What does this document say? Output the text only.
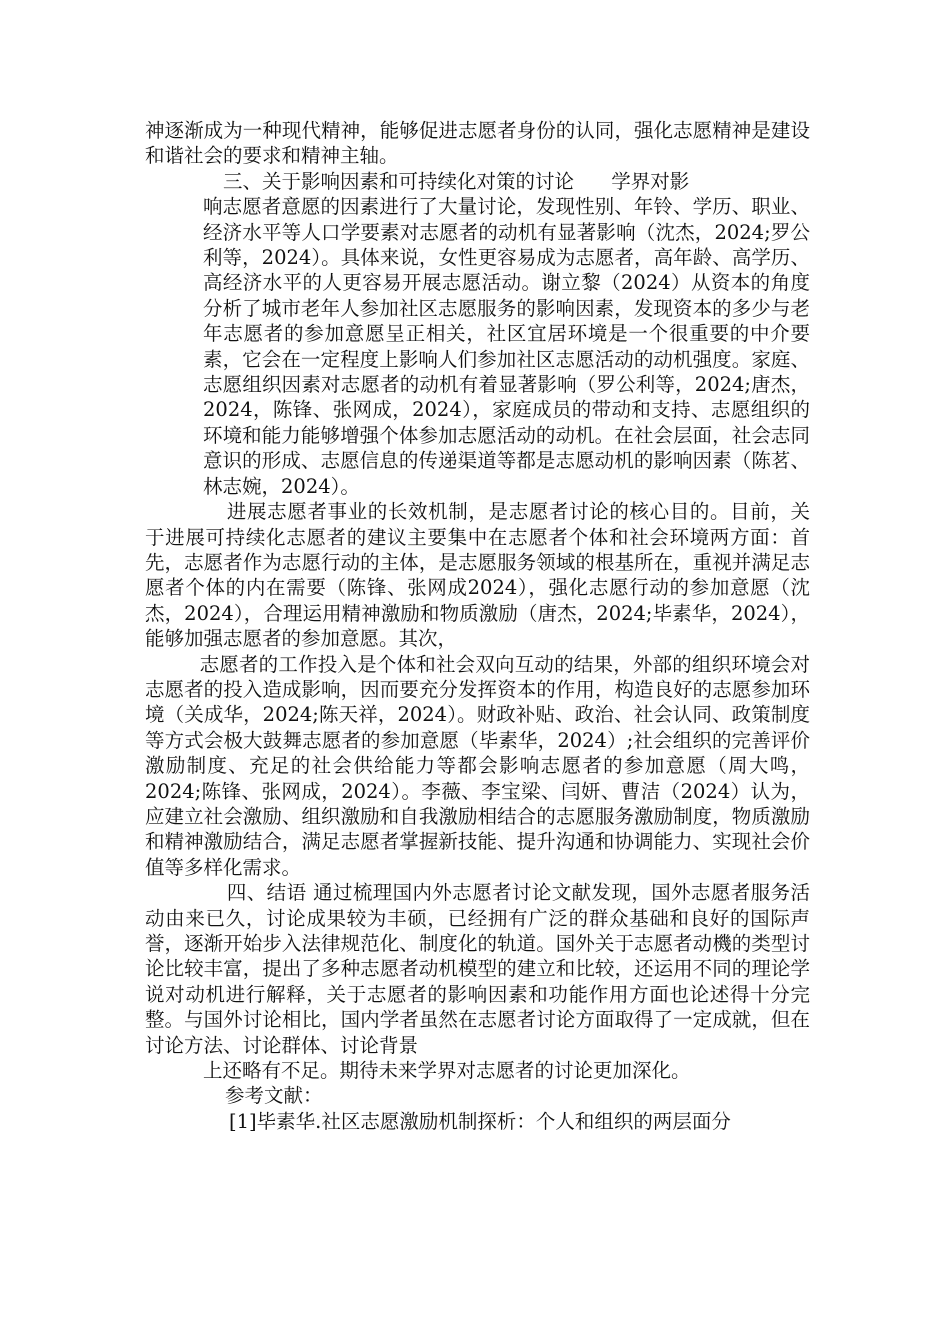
神逐渐成为一种现代精神，能够促进志愿者身份的认同，强化志愿精神是建设和谐社会的要求和精神主轴。

三、关于影响因素和可持续化对策的讨论 学界对影

响志愿者意愿的因素进行了大量讨论，发现性别、年铃、学历、职业、经济水平等人口学要素对志愿者的动机有显著影响（沈杰，2024;罗公利等，2024）。具体来说，女性更容易成为志愿者，高年龄、高学历、高经济水平的人更容易开展志愿活动。谢立黎（2024）从资本的角度分析了城市老年人参加社区志愿服务的影响因素，发现资本的多少与老年志愿者的参加意愿呈正相关，社区宜居环境是一个很重要的中介要素，它会在一定程度上影响人们参加社区志愿活动的动机强度。家庭、志愿组织因素对志愿者的动机有着显著影响（罗公利等，2024;唐杰，2024，陈锋、张网成，2024），家庭成员的带动和支持、志愿组织的环境和能力能够增强个体参加志愿活动的动机。在社会层面，社会志同意识的形成、志愿信息的传递渠道等都是志愿动机的影响因素（陈茗、林志婉，2024）。

进展志愿者事业的长效机制，是志愿者讨论的核心目的。目前，关于进展可持续化志愿者的建议主要集中在志愿者个体和社会环境两方面：首先，志愿者作为志愿行动的主体，是志愿服务领域的根基所在，重视并满足志愿者个体的内在需要（陈锋、张网成2024），强化志愿行动的参加意愿（沈杰，2024），合理运用精神激励和物质激励（唐杰，2024;毕素华，2024），能够加强志愿者的参加意愿。其次，

志愿者的工作投入是个体和社会双向互动的结果，外部的组织环境会对志愿者的投入造成影响，因而要充分发挥资本的作用，构造良好的志愿参加环境（关成华，2024;陈天祥，2024）。财政补贴、政治、社会认同、政策制度等方式会极大鼓舞志愿者的参加意愿（毕素华，2024）;社会组织的完善评价激励制度、充足的社会供给能力等都会影响志愿者的参加意愿（周大鸣，2024;陈锋、张网成，2024）。李薇、李宝梁、闫妍、曹洁（2024）认为，应建立社会激励、组织激励和自我激励相结合的志愿服务激励制度，物质激励和精神激励结合，满足志愿者掌握新技能、提升沟通和协调能力、实现社会价值等多样化需求。

四、结语 通过梳理国内外志愿者讨论文献发现，国外志愿者服务活动由来已久，讨论成果较为丰硕，已经拥有广泛的群众基础和良好的国际声誉，逐渐开始步入法律规范化、制度化的轨道。国外关于志愿者动機的类型讨论比较丰富，提出了多种志愿者动机模型的建立和比较，还运用不同的理论学说对动机进行解释，关于志愿者的影响因素和功能作用方面也论述得十分完整。与国外讨论相比，国内学者虽然在志愿者讨论方面取得了一定成就，但在讨论方法、讨论群体、讨论背景

上还略有不足。期待未来学界对志愿者的讨论更加深化。

参考文献：

[1]毕素华.社区志愿激励机制探析：个人和组织的两层面分
